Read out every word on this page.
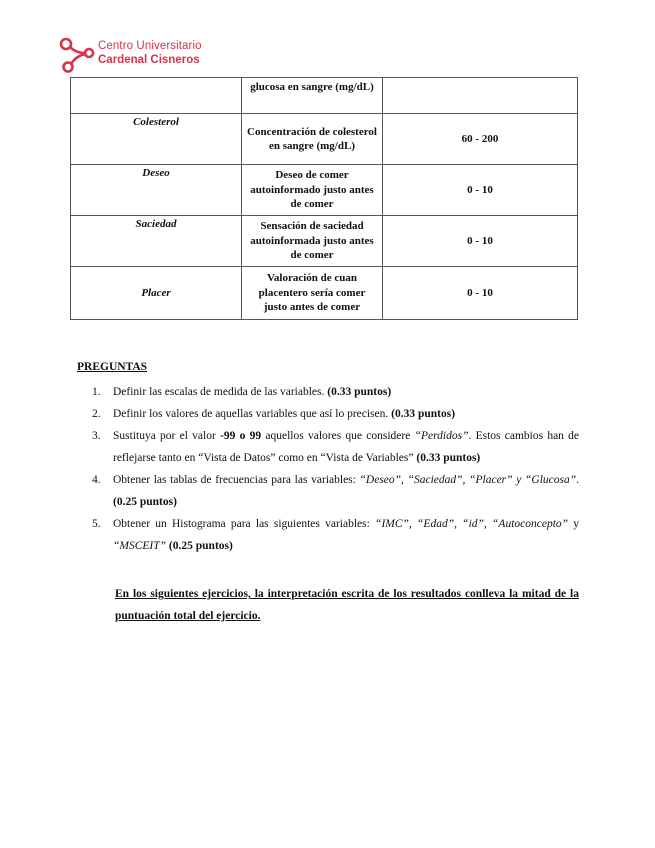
Centro Universitario
Cardenal Cisneros
	glucosa en sangre (mg/dL)	
Colesterol	Concentración de colesterol en sangre (mg/dL)	60 - 200
Deseo	Deseo de comer autoinformado justo antes de comer	0 - 10
Saciedad	Sensación de saciedad autoinformada justo antes de comer	0 - 10
Placer	Valoración de cuan placentero sería comer justo antes de comer	0 - 10
PREGUNTAS
1. Definir las escalas de medida de las variables. (0.33 puntos)
2. Definir los valores de aquellas variables que así lo precisen. (0.33 puntos)
3. Sustituya por el valor -99 o 99 aquellos valores que considere “Perdidos”. Estos cambios han de reflejarse tanto en “Vista de Datos” como en “Vista de Variables” (0.33 puntos)
4. Obtener las tablas de frecuencias para las variables: “Deseo”, “Saciedad”, “Placer” y “Glucosa”. (0.25 puntos)
5. Obtener un Histograma para las siguientes variables: “IMC”, “Edad”, “id”, “Autoconcepto” y “MSCEIT” (0.25 puntos)
En los siguientes ejercicios, la interpretación escrita de los resultados conlleva la mitad de la puntuación total del ejercicio.
